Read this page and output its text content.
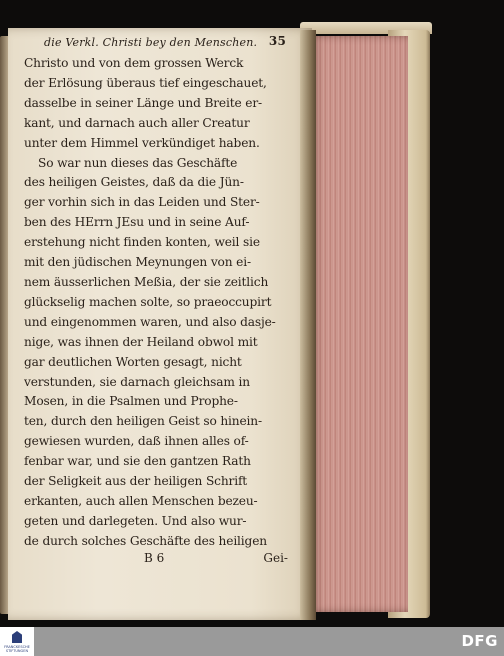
die Verkl. Christi bey den Menschen. 35
Christo und von dem grossen Werck
der Erlösung überaus tief eingeschauet,
dasselbe in seiner Länge und Breite er-
kant, und darnach auch aller Creatur
unter dem Himmel verkündiget haben.
So war nun dieses das Geschäfte
des heiligen Geistes, daß da die Jün-
ger vorhin sich in das Leiden und Ster-
ben des HErrn JEsu und in seine Auf-
erstehung nicht finden konten, weil sie
mit den jüdischen Meynungen von ei-
nem äusserlichen Meßia, der sie zeitlich
glückselig machen solte, so praeoccupirt
und eingenommen waren, und also dasje-
nige, was ihnen der Heiland obwol mit
gar deutlichen Worten gesagt, nicht
verstunden, sie darnach gleichsam in
Mosen, in die Psalmen und Prophe-
ten, durch den heiligen Geist so hinein-
gewiesen wurden, daß ihnen alles of-
fenbar war, und sie den gantzen Rath
der Seligkeit aus der heiligen Schrift
erkanten, auch allen Menschen bezeu-
geten und darlegeten. Und also wur-
de durch solches Geschäfte des heiligen
B 6	Gei-
FRANCKESCHE STIFTUNGEN
DFG
